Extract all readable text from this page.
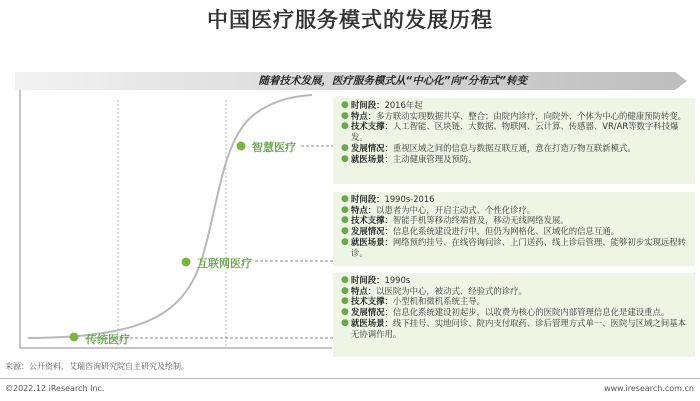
中国医疗服务模式的发展历程
随着技术发展，医疗服务模式从“中心化”向“分布式”转变
传统医疗
互联网医疗
智慧医疗
● 时间段：2016年起
● 特点：多方联动实现数据共享、整合；由院内诊疗，向院外、个体为中心的健康预防转变。
● 技术支撑：人工智能、区块链、大数据、物联网、云计算、传感器、VR/AR等数字科技爆发。
● 发展情况：重视区域之间的信息与数据互联互通，意在打造万物互联新模式。
● 就医场景：主动健康管理及预防。
● 时间段：1990s-2016
● 特点：以患者为中心，开启主动式、个性化诊疗。
● 技术支撑：智能手机等移动终端普及，移动无线网络发展。
● 发展情况：信息化系统建设进行中，但仍为网格化、区域化的信息互通。
● 就医场景：网络预约挂号、在线咨询问诊、上门送药、线上诊后管理、能够初步实现远程转诊。
● 时间段：1990s
● 特点：以医院为中心，被动式、经验式的诊疗。
● 技术支撑：小型机和微机系统主导。
● 发展情况：信息化系统建设初起步，以收费为核心的医院内部管理信息化是建设重点。
● 就医场景：线下挂号、实地问诊、院内支付取药、诊后管理方式单一、医院与区域之间基本无协调作用。
来源：公开资料，艾瑞咨询研究院自主研究及绘制。
©2022.12 iResearch Inc.	www.iresearch.com.cn
